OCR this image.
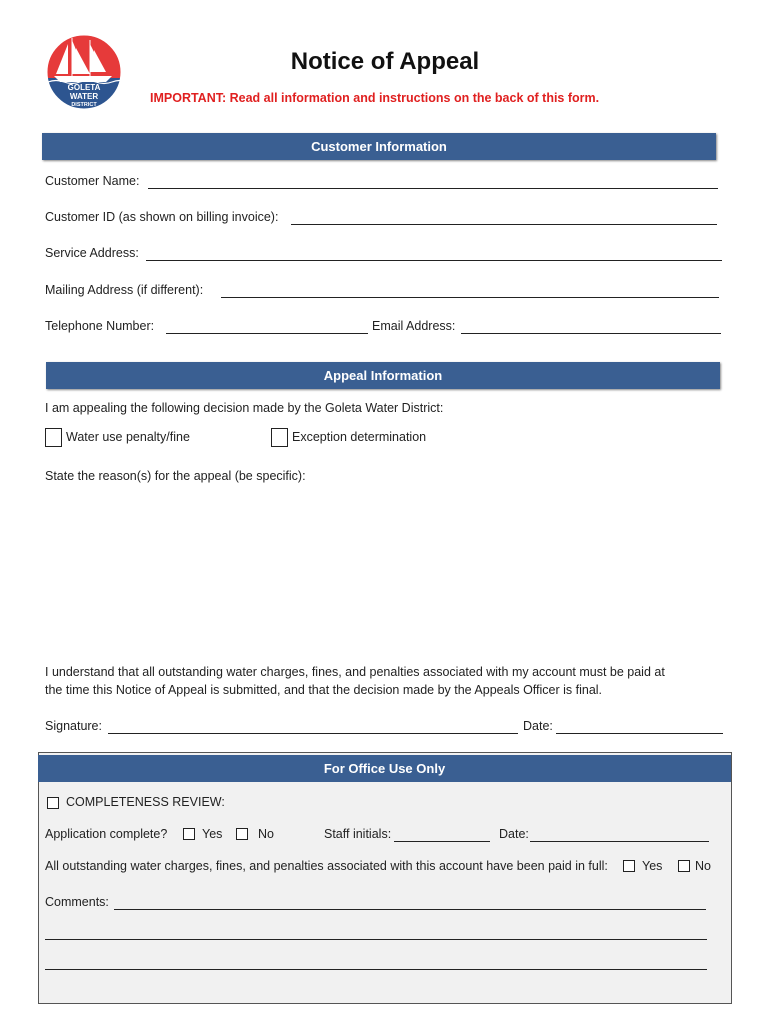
GOLETA
WATER
DISTRICT
Notice of Appeal
IMPORTANT: Read all information and instructions on the back of this form.
Customer Information
Customer Name:
Customer ID (as shown on billing invoice):
Service Address:
Mailing Address (if different):
Telephone Number:	Email Address:
Appeal Information
I am appealing the following decision made by the Goleta Water District:
Water use penalty/fine	Exception determination
State the reason(s) for the appeal (be specific):
I understand that all outstanding water charges, fines, and penalties associated with my account must be paid at
the time this Notice of Appeal is submitted, and that the decision made by the Appeals Officer is final.
Signature:	Date:
For Office Use Only
COMPLETENESS REVIEW:
Application complete?	Yes	No	Staff initials:	Date:
All outstanding water charges, fines, and penalties associated with this account have been paid in full:	Yes	No
Comments:
